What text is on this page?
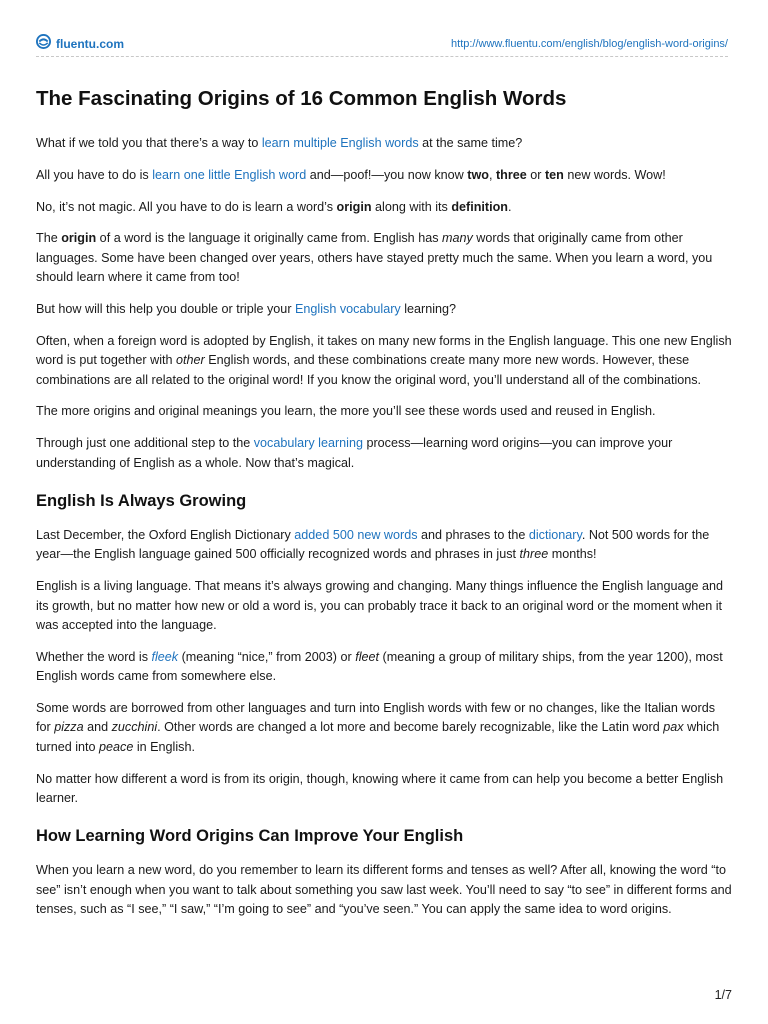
fluentu.com	http://www.fluentu.com/english/blog/english-word-origins/
The Fascinating Origins of 16 Common English Words

What if we told you that there’s a way to learn multiple English words at the same time?

All you have to do is learn one little English word and—poof!—you now know two, three or ten new words. Wow!

No, it’s not magic. All you have to do is learn a word’s origin along with its definition.

The origin of a word is the language it originally came from. English has many words that originally came from other languages. Some have been changed over years, others have stayed pretty much the same. When you learn a word, you should learn where it came from too!

But how will this help you double or triple your English vocabulary learning?

Often, when a foreign word is adopted by English, it takes on many new forms in the English language. This one new English word is put together with other English words, and these combinations create many more new words. However, these combinations are all related to the original word! If you know the original word, you’ll understand all of the combinations.

The more origins and original meanings you learn, the more you’ll see these words used and reused in English.

Through just one additional step to the vocabulary learning process—learning word origins—you can improve your understanding of English as a whole. Now that’s magical.

English Is Always Growing

Last December, the Oxford English Dictionary added 500 new words and phrases to the dictionary. Not 500 words for the year—the English language gained 500 officially recognized words and phrases in just three months!

English is a living language. That means it’s always growing and changing. Many things influence the English language and its growth, but no matter how new or old a word is, you can probably trace it back to an original word or the moment when it was accepted into the language.

Whether the word is fleek (meaning “nice,” from 2003) or fleet (meaning a group of military ships, from the year 1200), most English words came from somewhere else.

Some words are borrowed from other languages and turn into English words with few or no changes, like the Italian words for pizza and zucchini. Other words are changed a lot more and become barely recognizable, like the Latin word pax which turned into peace in English.

No matter how different a word is from its origin, though, knowing where it came from can help you become a better English learner.

How Learning Word Origins Can Improve Your English

When you learn a new word, do you remember to learn its different forms and tenses as well? After all, knowing the word “to see” isn’t enough when you want to talk about something you saw last week. You’ll need to say “to see” in different forms and tenses, such as “I see,” “I saw,” “I’m going to see” and “you’ve seen.” You can apply the same idea to word origins.

1/7
